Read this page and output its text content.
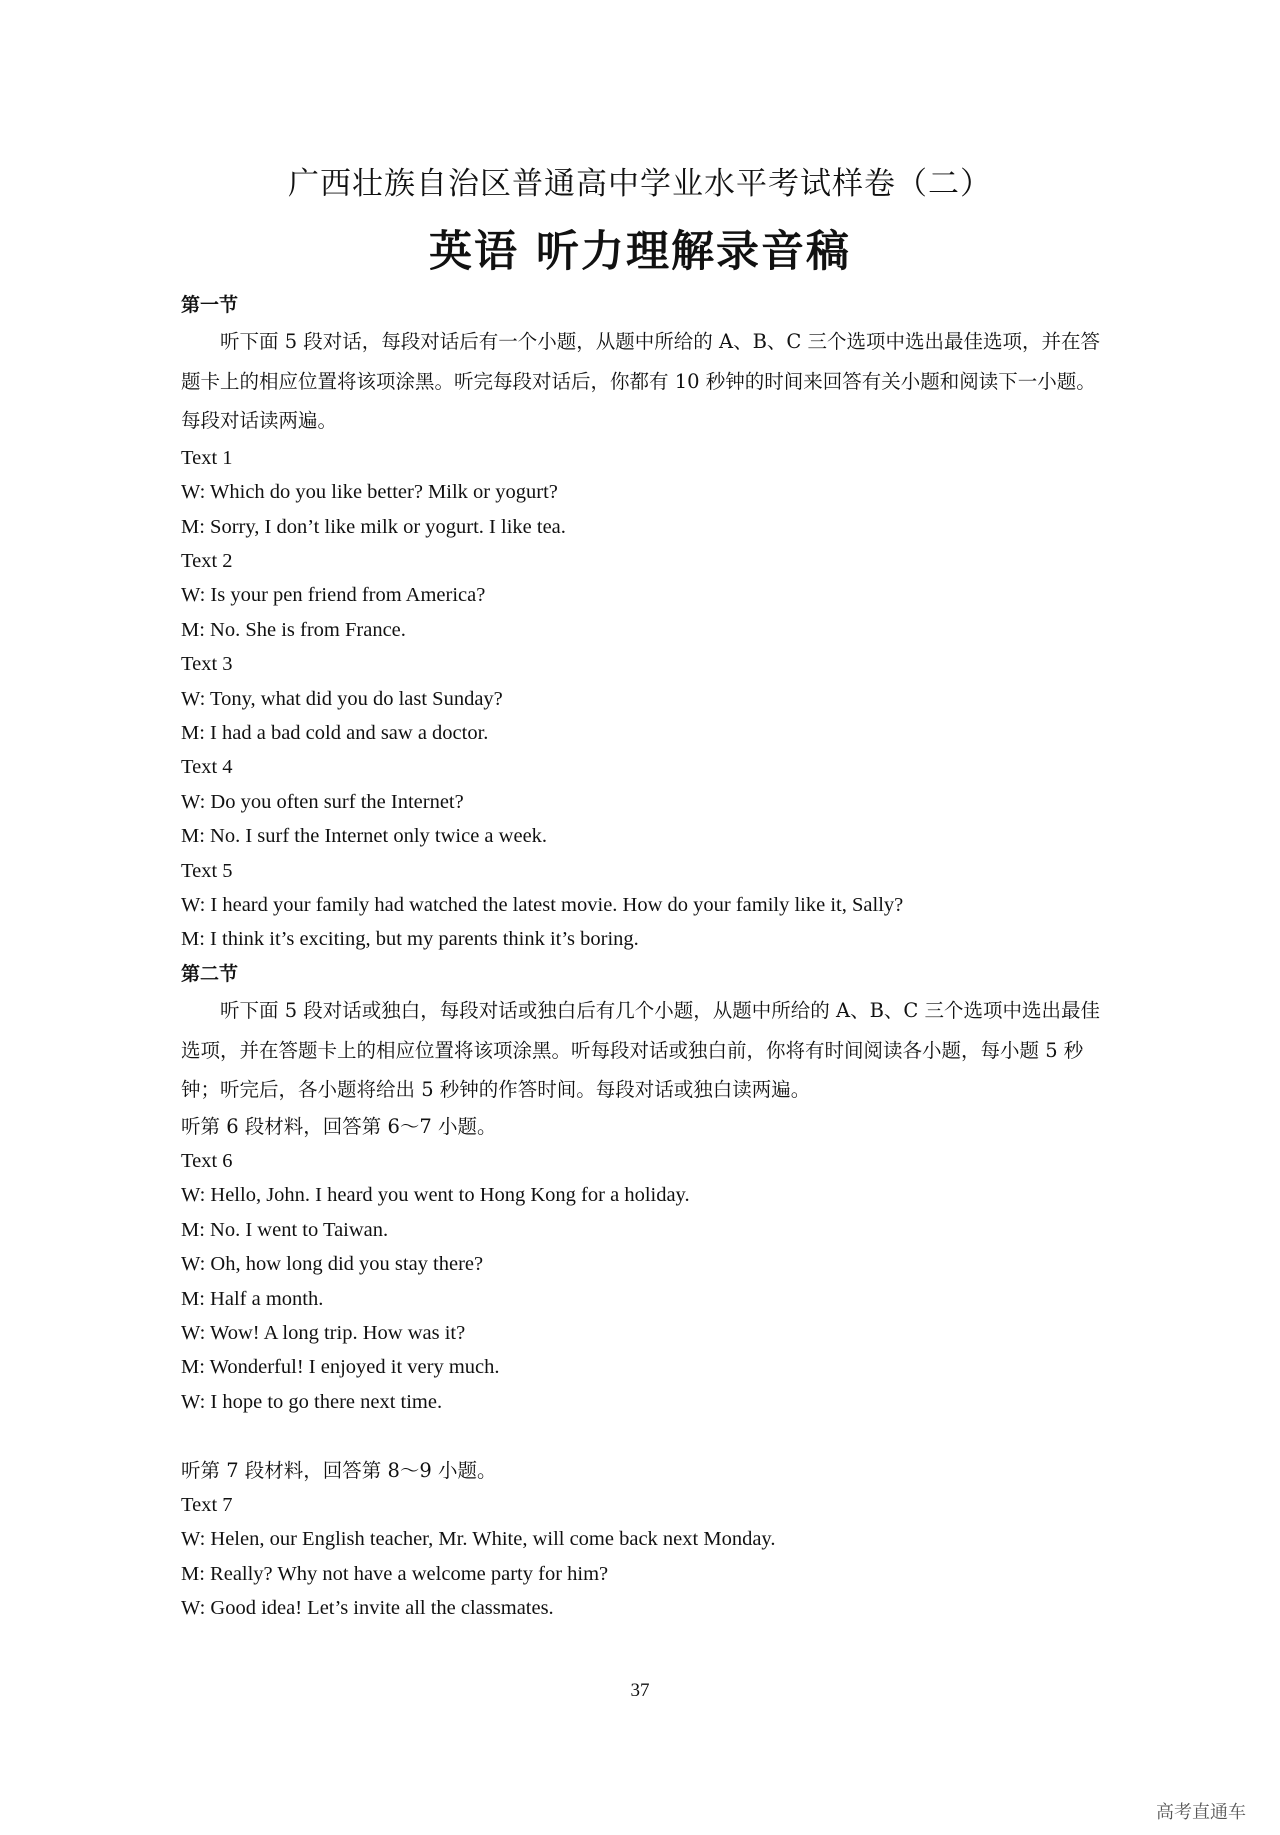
广西壮族自治区普通高中学业水平考试样卷（二）
英语 听力理解录音稿
第一节
听下面 5 段对话，每段对话后有一个小题，从题中所给的 A、B、C 三个选项中选出最佳选项，并在答题卡上的相应位置将该项涂黑。听完每段对话后，你都有 10 秒钟的时间来回答有关小题和阅读下一小题。每段对话读两遍。
Text 1
W: Which do you like better? Milk or yogurt?
M: Sorry, I don’t like milk or yogurt. I like tea.
Text 2
W: Is your pen friend from America?
M: No. She is from France.
Text 3
W: Tony, what did you do last Sunday?
M: I had a bad cold and saw a doctor.
Text 4
W: Do you often surf the Internet?
M: No. I surf the Internet only twice a week.
Text 5
W: I heard your family had watched the latest movie. How do your family like it, Sally?
M: I think it’s exciting, but my parents think it’s boring.
第二节
听下面 5 段对话或独白，每段对话或独白后有几个小题，从题中所给的 A、B、C 三个选项中选出最佳选项，并在答题卡上的相应位置将该项涂黑。听每段对话或独白前，你将有时间阅读各小题，每小题 5 秒钟；听完后，各小题将给出 5 秒钟的作答时间。每段对话或独白读两遍。
听第 6 段材料，回答第 6～7 小题。
Text 6
W: Hello, John. I heard you went to Hong Kong for a holiday.
M: No. I went to Taiwan.
W: Oh, how long did you stay there?
M: Half a month.
W: Wow! A long trip. How was it?
M: Wonderful! I enjoyed it very much.
W: I hope to go there next time.
听第 7 段材料，回答第 8～9 小题。
Text 7
W: Helen, our English teacher, Mr. White, will come back next Monday.
M: Really? Why not have a welcome party for him?
W: Good idea! Let’s invite all the classmates.
37
高考直通车
